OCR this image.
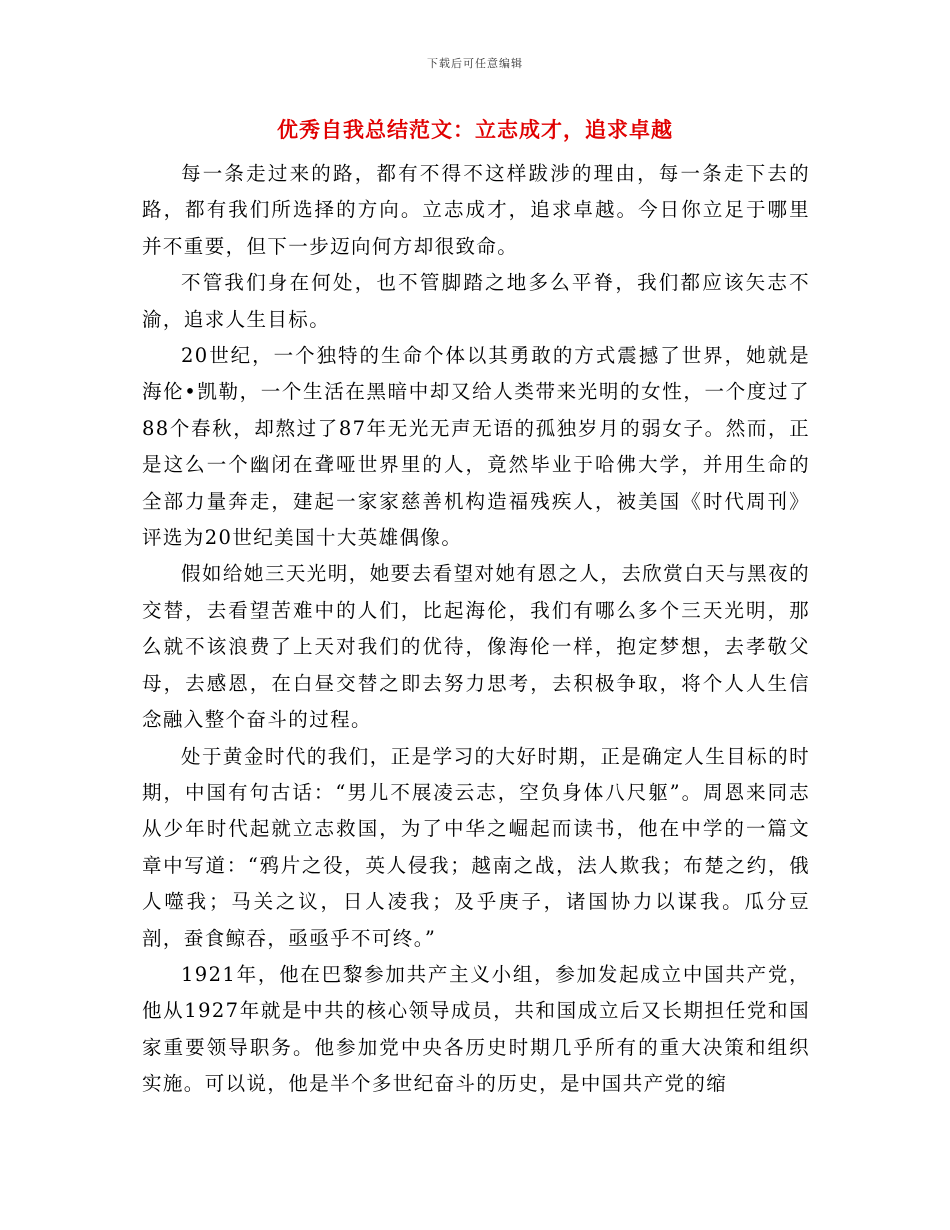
下载后可任意编辑
优秀自我总结范文：立志成才，追求卓越

每一条走过来的路，都有不得不这样跋涉的理由，每一条走下去的路，都有我们所选择的方向。立志成才，追求卓越。今日你立足于哪里并不重要，但下一步迈向何方却很致命。

不管我们身在何处，也不管脚踏之地多么平脊，我们都应该矢志不渝，追求人生目标。

20世纪，一个独特的生命个体以其勇敢的方式震撼了世界，她就是海伦•凯勒，一个生活在黑暗中却又给人类带来光明的女性，一个度过了88个春秋，却熬过了87年无光无声无语的孤独岁月的弱女子。然而，正是这么一个幽闭在聋哑世界里的人，竟然毕业于哈佛大学，并用生命的全部力量奔走，建起一家家慈善机构造福残疾人，被美国《时代周刊》评选为20世纪美国十大英雄偶像。

假如给她三天光明，她要去看望对她有恩之人，去欣赏白天与黑夜的交替，去看望苦难中的人们，比起海伦，我们有哪么多个三天光明，那么就不该浪费了上天对我们的优待，像海伦一样，抱定梦想，去孝敬父母，去感恩，在白昼交替之即去努力思考，去积极争取，将个人人生信念融入整个奋斗的过程。

处于黄金时代的我们，正是学习的大好时期，正是确定人生目标的时期，中国有句古话：“男儿不展凌云志，空负身体八尺躯”。周恩来同志从少年时代起就立志救国，为了中华之崛起而读书，他在中学的一篇文章中写道：“鸦片之役，英人侵我；越南之战，法人欺我；布楚之约，俄人噬我；马关之议，日人凌我；及乎庚子，诸国协力以谋我。瓜分豆剖，蚕食鲸吞，亟亟乎不可终。”

1921年，他在巴黎参加共产主义小组，参加发起成立中国共产党，他从1927年就是中共的核心领导成员，共和国成立后又长期担任党和国家重要领导职务。他参加党中央各历史时期几乎所有的重大决策和组织实施。可以说，他是半个多世纪奋斗的历史，是中国共产党的缩
